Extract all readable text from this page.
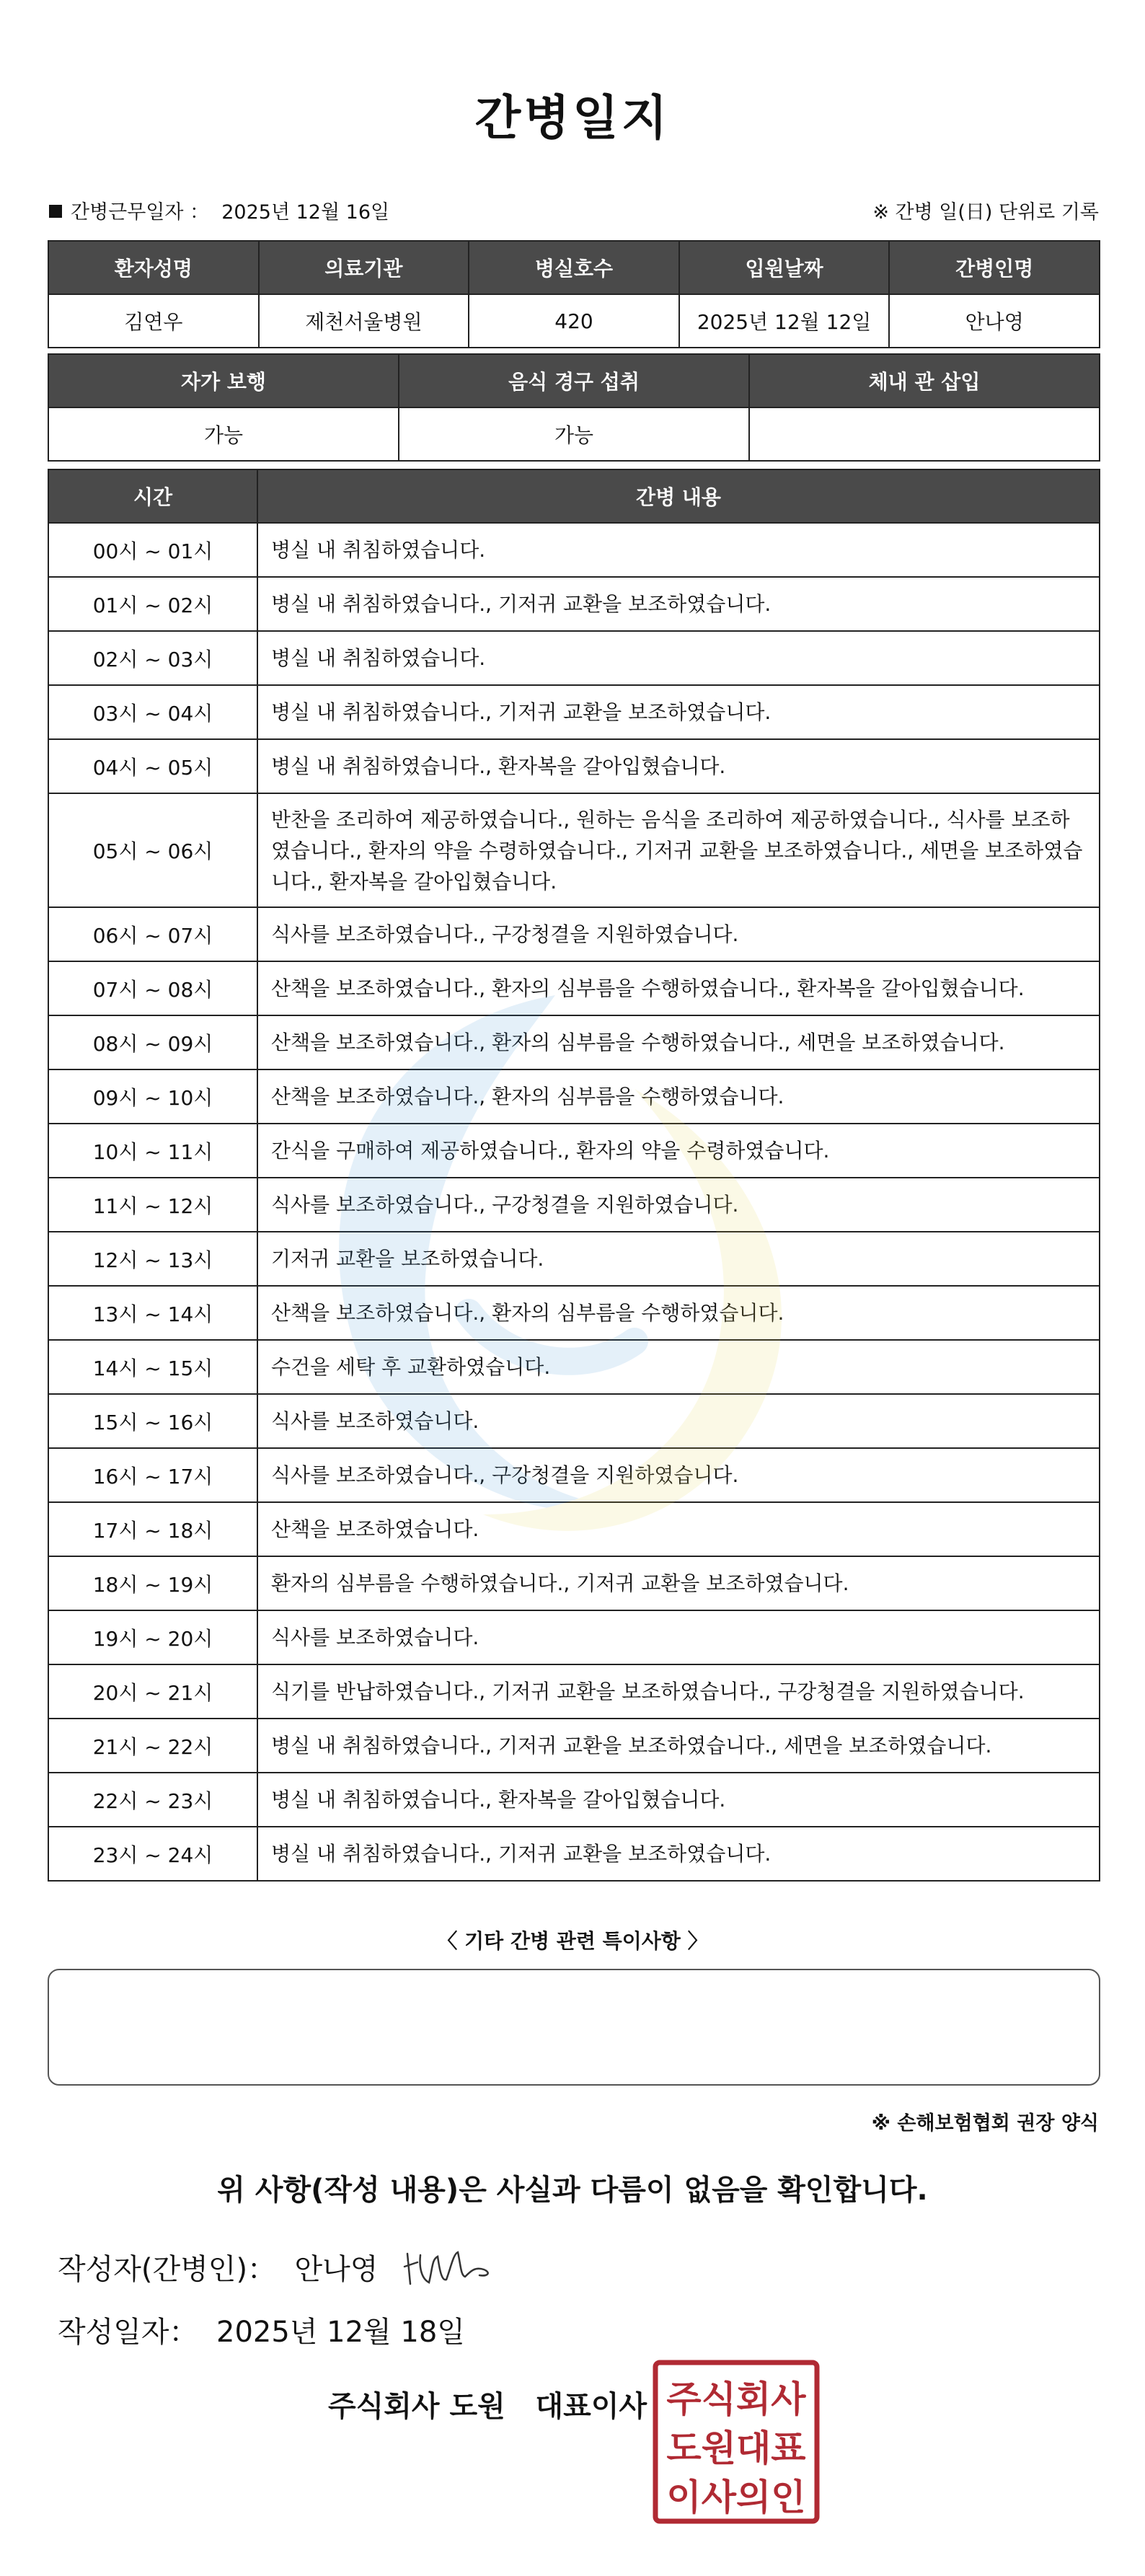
간병일지
간병근무일자 ： 2025년 12월 16일	※ 간병 일(日) 단위로 기록
환자성명	의료기관	병실호수	입원날짜	간병인명
김연우	제천서울병원	420	2025년 12월 12일	안나영
자가 보행	음식 경구 섭취	체내 관 삽입
가능	가능	
시간	간병 내용
00시 ~ 01시	병실 내 취침하였습니다.
01시 ~ 02시	병실 내 취침하였습니다., 기저귀 교환을 보조하였습니다.
02시 ~ 03시	병실 내 취침하였습니다.
03시 ~ 04시	병실 내 취침하였습니다., 기저귀 교환을 보조하였습니다.
04시 ~ 05시	병실 내 취침하였습니다., 환자복을 갈아입혔습니다.
05시 ~ 06시	반찬을 조리하여 제공하였습니다., 원하는 음식을 조리하여 제공하였습니다., 식사를 보조하였습니다., 환자의 약을 수령하였습니다., 기저귀 교환을 보조하였습니다., 세면을 보조하였습니다., 환자복을 갈아입혔습니다.
06시 ~ 07시	식사를 보조하였습니다., 구강청결을 지원하였습니다.
07시 ~ 08시	산책을 보조하였습니다., 환자의 심부름을 수행하였습니다., 환자복을 갈아입혔습니다.
08시 ~ 09시	산책을 보조하였습니다., 환자의 심부름을 수행하였습니다., 세면을 보조하였습니다.
09시 ~ 10시	산책을 보조하였습니다., 환자의 심부름을 수행하였습니다.
10시 ~ 11시	간식을 구매하여 제공하였습니다., 환자의 약을 수령하였습니다.
11시 ~ 12시	식사를 보조하였습니다., 구강청결을 지원하였습니다.
12시 ~ 13시	기저귀 교환을 보조하였습니다.
13시 ~ 14시	산책을 보조하였습니다., 환자의 심부름을 수행하였습니다.
14시 ~ 15시	수건을 세탁 후 교환하였습니다.
15시 ~ 16시	식사를 보조하였습니다.
16시 ~ 17시	식사를 보조하였습니다., 구강청결을 지원하였습니다.
17시 ~ 18시	산책을 보조하였습니다.
18시 ~ 19시	환자의 심부름을 수행하였습니다., 기저귀 교환을 보조하였습니다.
19시 ~ 20시	식사를 보조하였습니다.
20시 ~ 21시	식기를 반납하였습니다., 기저귀 교환을 보조하였습니다., 구강청결을 지원하였습니다.
21시 ~ 22시	병실 내 취침하였습니다., 기저귀 교환을 보조하였습니다., 세면을 보조하였습니다.
22시 ~ 23시	병실 내 취침하였습니다., 환자복을 갈아입혔습니다.
23시 ~ 24시	병실 내 취침하였습니다., 기저귀 교환을 보조하였습니다.
〈 기타 간병 관련 특이사항 〉
※ 손해보험협회 권장 양식
위 사항(작성 내용)은 사실과 다름이 없음을 확인합니다.
작성자(간병인)： 안나영
작성일자： 2025년 12월 18일
주식회사 도원 대표이사 주식회사
도원대표
이사의인
